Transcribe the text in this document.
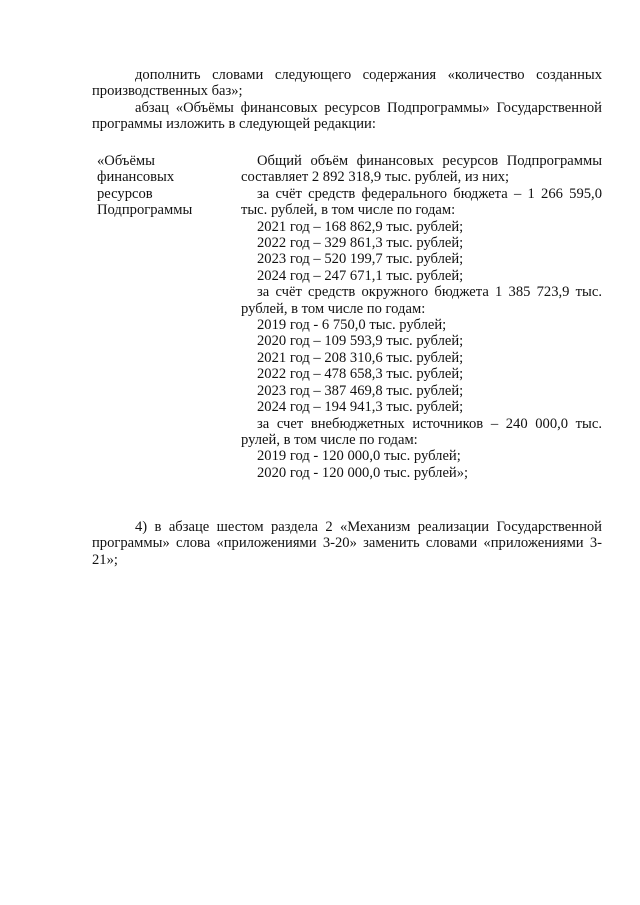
дополнить словами следующего содержания «количество созданных производственных баз»;

абзац «Объёмы финансовых ресурсов Подпрограммы» Государственной программы изложить в следующей редакции:

«Объёмы
финансовых
ресурсов
Подпрограммы

Общий объём финансовых ресурсов Подпрограммы составляет 2 892 318,9 тыс. рублей, из них;

за счёт средств федерального бюджета – 1 266 595,0 тыс. рублей, в том числе по годам:

2021 год – 168 862,9 тыс. рублей;

2022 год – 329 861,3 тыс. рублей;

2023 год – 520 199,7 тыс. рублей;

2024 год – 247 671,1 тыс. рублей;

за счёт средств окружного бюджета 1 385 723,9 тыс. рублей, в том числе по годам:

2019 год - 6 750,0 тыс. рублей;

2020 год – 109 593,9 тыс. рублей;

2021 год – 208 310,6 тыс. рублей;

2022 год – 478 658,3 тыс. рублей;

2023 год – 387 469,8 тыс. рублей;

2024 год – 194 941,3 тыс. рублей;

за счет внебюджетных источников – 240 000,0 тыс. рулей, в том числе по годам:

2019 год - 120 000,0 тыс. рублей;

2020 год - 120 000,0 тыс. рублей»;

4) в абзаце шестом раздела 2 «Механизм реализации Государственной программы» слова «приложениями 3-20» заменить словами «приложениями 3-21»;
